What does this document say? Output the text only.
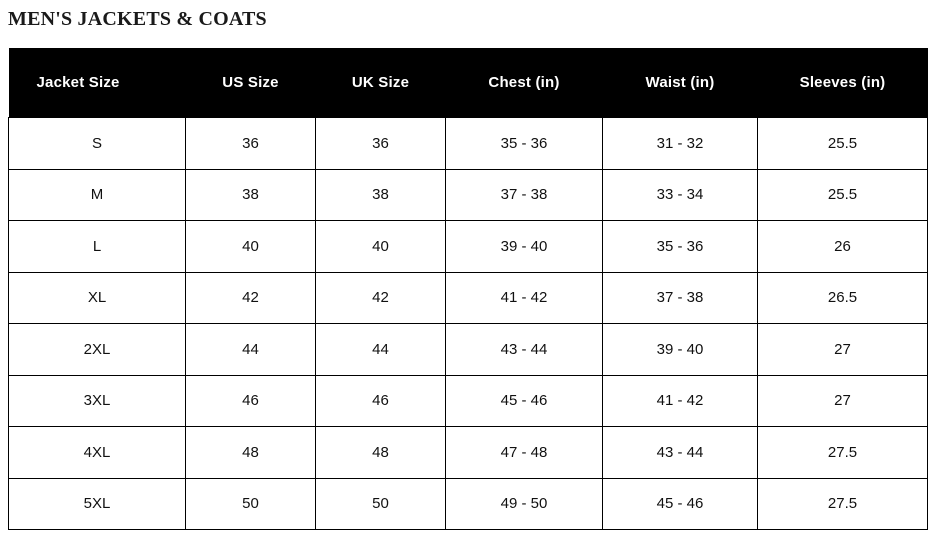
MEN'S JACKETS & COATS
Jacket Size	US Size	UK Size	Chest (in)	Waist (in)	Sleeves (in)
S	36	36	35 - 36	31 - 32	25.5
M	38	38	37 - 38	33 - 34	25.5
L	40	40	39 - 40	35 - 36	26
XL	42	42	41 - 42	37 - 38	26.5
2XL	44	44	43 - 44	39 - 40	27
3XL	46	46	45 - 46	41 - 42	27
4XL	48	48	47 - 48	43 - 44	27.5
5XL	50	50	49 - 50	45 - 46	27.5
